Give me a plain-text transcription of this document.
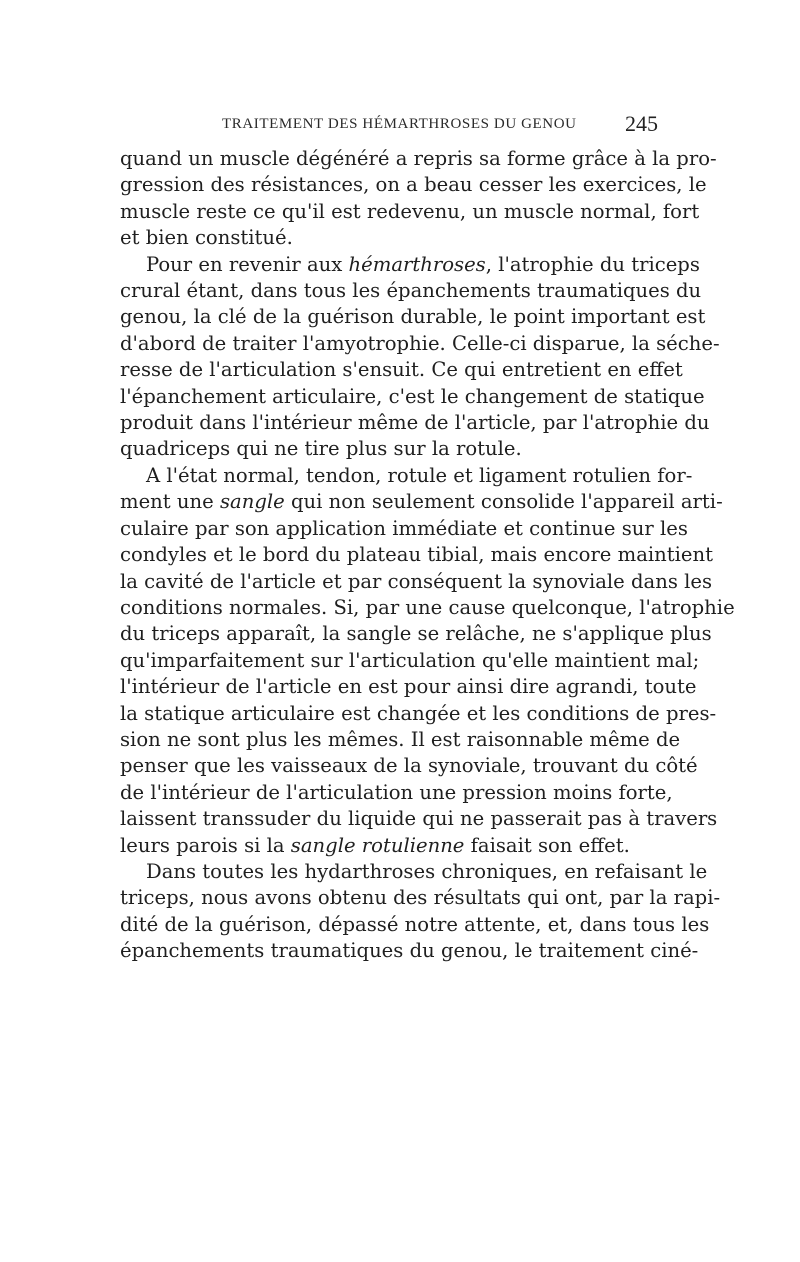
TRAITEMENT DES HÉMARTHROSES DU GENOU 245
quand un muscle dégénéré a repris sa forme grâce à la pro-
gression des résistances, on a beau cesser les exercices, le
muscle reste ce qu'il est redevenu, un muscle normal, fort
et bien constitué.
Pour en revenir aux hémarthroses, l'atrophie du triceps
crural étant, dans tous les épanchements traumatiques du
genou, la clé de la guérison durable, le point important est
d'abord de traiter l'amyotrophie. Celle-ci disparue, la séche-
resse de l'articulation s'ensuit. Ce qui entretient en effet
l'épanchement articulaire, c'est le changement de statique
produit dans l'intérieur même de l'article, par l'atrophie du
quadriceps qui ne tire plus sur la rotule.
A l'état normal, tendon, rotule et ligament rotulien for-
ment une sangle qui non seulement consolide l'appareil arti-
culaire par son application immédiate et continue sur les
condyles et le bord du plateau tibial, mais encore maintient
la cavité de l'article et par conséquent la synoviale dans les
conditions normales. Si, par une cause quelconque, l'atrophie
du triceps apparaît, la sangle se relâche, ne s'applique plus
qu'imparfaitement sur l'articulation qu'elle maintient mal;
l'intérieur de l'article en est pour ainsi dire agrandi, toute
la statique articulaire est changée et les conditions de pres-
sion ne sont plus les mêmes. Il est raisonnable même de
penser que les vaisseaux de la synoviale, trouvant du côté
de l'intérieur de l'articulation une pression moins forte,
laissent transsuder du liquide qui ne passerait pas à travers
leurs parois si la sangle rotulienne faisait son effet.
Dans toutes les hydarthroses chroniques, en refaisant le
triceps, nous avons obtenu des résultats qui ont, par la rapi-
dité de la guérison, dépassé notre attente, et, dans tous les
épanchements traumatiques du genou, le traitement ciné-
